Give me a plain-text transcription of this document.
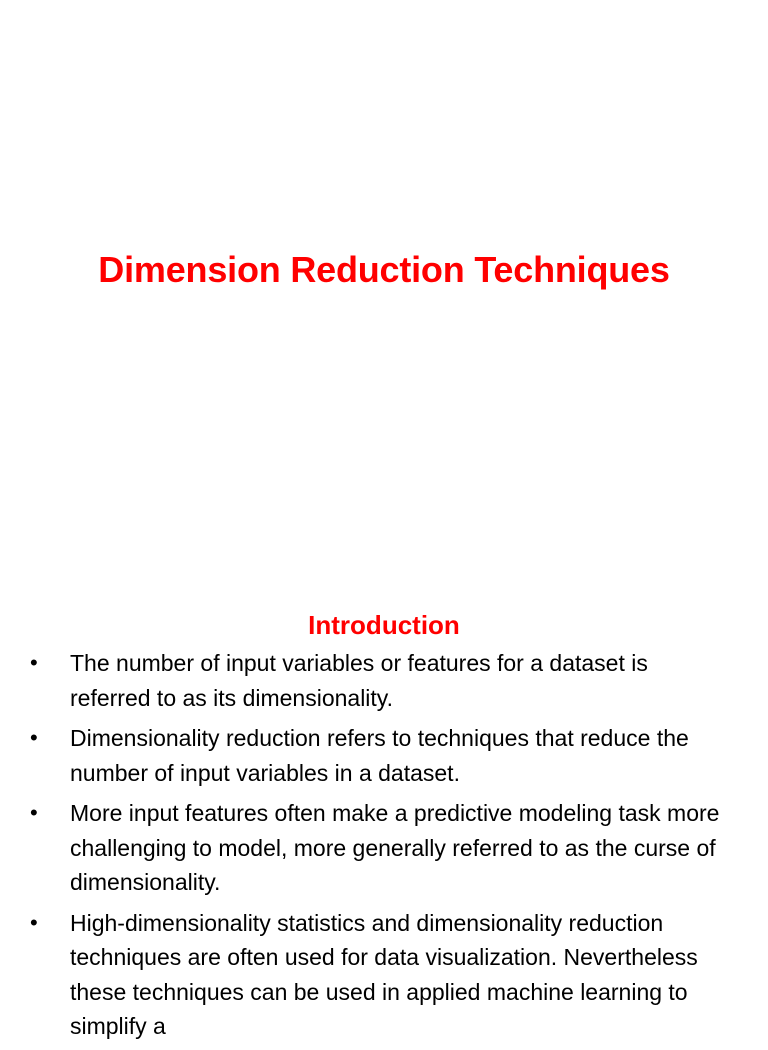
Dimension Reduction Techniques
Introduction
•	The number of input variables or features for a dataset is referred to as its dimensionality.
•	Dimensionality reduction refers to techniques that reduce the number of input variables in a dataset.
•	More input features often make a predictive modeling task more challenging to model, more generally referred to as the curse of dimensionality.
•	High-dimensionality statistics and dimensionality reduction techniques are often used for data visualization. Nevertheless these techniques can be used in applied machine learning to simplify a
